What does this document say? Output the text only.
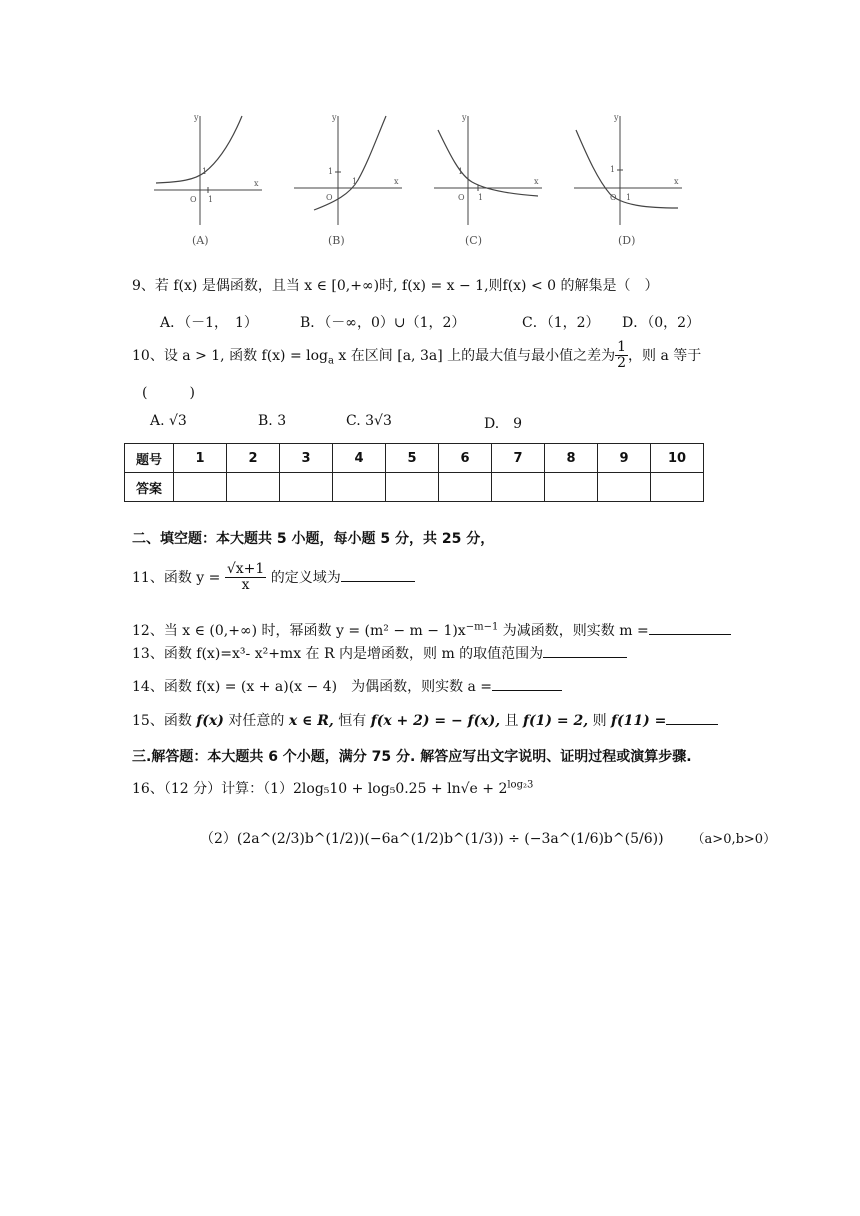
x
y
O 1
1
x
y
O
1
1
x
y
O 1
1
x
y
O 1
1
(A)	(B)	(C)	(D)
9、若 f(x) 是偶函数，且当 x ∈ [0,+∞)时, f(x) = x − 1,则f(x) < 0 的解集是（　）
A．（－1，　1）	B．（－∞，0）∪（1，2）	C．（1，2） D．（0，2）
10、设 a > 1, 函数 $f(x) = \log_a x$ 在区间 [a, 3a] 上的最大值与最小值之差为 $\frac{1}{2}$ ，则 a 等于
(　　　)
A. √3	B. 3	C. 3√3	D.　9
题号	1	2	3	4	5	6	7	8	9	10
答案										
二、填空题：本大题共 5 小题，每小题 5 分，共 25 分，
11、函数 $y = \frac{√x+1}{x}$ 的定义域为
12、当 x ∈ (0,+∞) 时，幂函数 $y = (m^2 - m - 1)x^{-m-1}$ 为减函数，则实数 m =
13、函数 f(x)=x³- x²+mx 在 R 内是增函数，则 m 的取值范围为
14、函数 f(x) = (x + a)(x − 4)　为偶函数，则实数 a =
15、函数 f(x) 对任意的 x ∈ R, 恒有 f(x + 2) = − f(x), 且 f(1) = 2, 则 f(11) =
三.解答题：本大题共 6 个小题，满分 75 分. 解答应写出文字说明、证明过程或演算步骤.
16、（12 分）计算：$(1)2\log_510 + \log_50.25 + \ln√e + 2^{log_23}$
（2）(2a^(2/3)b^(1/2))(−6a^(1/2)b^(1/3)) ÷ (−3a^(1/6)b^(5/6)) （a>0,b>0）
